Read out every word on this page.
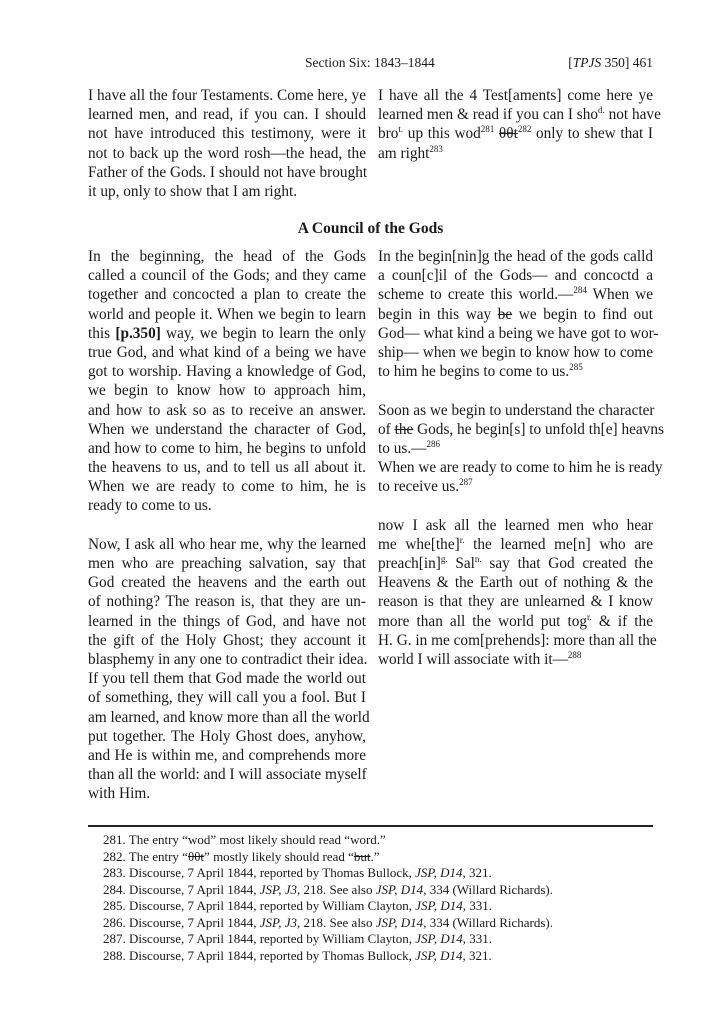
Section Six: 1843–1844	[TPJS 350] 461
I have all the four Testaments. Come here, ye
learned men, and read, if you can. I should
not have introduced this testimony, were it
not to back up the word rosh—the head, the
Father of the Gods. I should not have brought
it up, only to show that I am right.
I have all the 4 Test[aments] come here ye
learned men & read if you can I sho$^{d.}$ not have
bro$^{t.}$ up this wod$^{281}$ θθt$^{282}$ only to shew that I
am right$^{283}$
A Council of the Gods
In the beginning, the head of the Gods
called a council of the Gods; and they came
together and concocted a plan to create the
world and people it. When we begin to learn
this [p.350] way, we begin to learn the only
true God, and what kind of a being we have
got to worship. Having a knowledge of God,
we begin to know how to approach him,
and how to ask so as to receive an answer.
When we understand the character of God,
and how to come to him, he begins to unfold
the heavens to us, and to tell us all about it.
When we are ready to come to him, he is
ready to come to us.
Now, I ask all who hear me, why the learned
men who are preaching salvation, say that
God created the heavens and the earth out
of nothing? The reason is, that they are un-
learned in the things of God, and have not
the gift of the Holy Ghost; they account it
blasphemy in any one to contradict their idea.
If you tell them that God made the world out
of something, they will call you a fool. But I
am learned, and know more than all the world
put together. The Holy Ghost does, anyhow,
and He is within me, and comprehends more
than all the world: and I will associate myself
with Him.
In the begin[nin]g the head of the gods calld
a coun[c]il of the Gods— and concoctd a
scheme to create this world.—$^{284}$ When we
begin in this way be we begin to find out
God— what kind a being we have got to wor-
ship— when we begin to know how to come
to him he begins to come to us.$^{285}$
Soon as we begin to understand the character
of the Gods, he begin[s] to unfold th[e] heavns
to us.—$^{286}$
When we are ready to come to him he is ready
to receive us.$^{287}$
now I ask all the learned men who hear
me whe[the]$^{r.}$ the learned me[n] who are
preach[in]$^{g.}$ Sal$^{n.}$ say that God created the
Heavens & the Earth out of nothing & the
reason is that they are unlearned & I know
more than all the world put tog$^{r.}$ & if the
H. G. in me com[prehends]: more than all the
world I will associate with it—$^{288}$
281. The entry “wod” most likely should read “word.”
282. The entry “θθt” mostly likely should read “but.”
283. Discourse, 7 April 1844, reported by Thomas Bullock, JSP, D14, 321.
284. Discourse, 7 April 1844, JSP, J3, 218. See also JSP, D14, 334 (Willard Richards).
285. Discourse, 7 April 1844, reported by William Clayton, JSP, D14, 331.
286. Discourse, 7 April 1844, JSP, J3, 218. See also JSP, D14, 334 (Willard Richards).
287. Discourse, 7 April 1844, reported by William Clayton, JSP, D14, 331.
288. Discourse, 7 April 1844, reported by Thomas Bullock, JSP, D14, 321.
